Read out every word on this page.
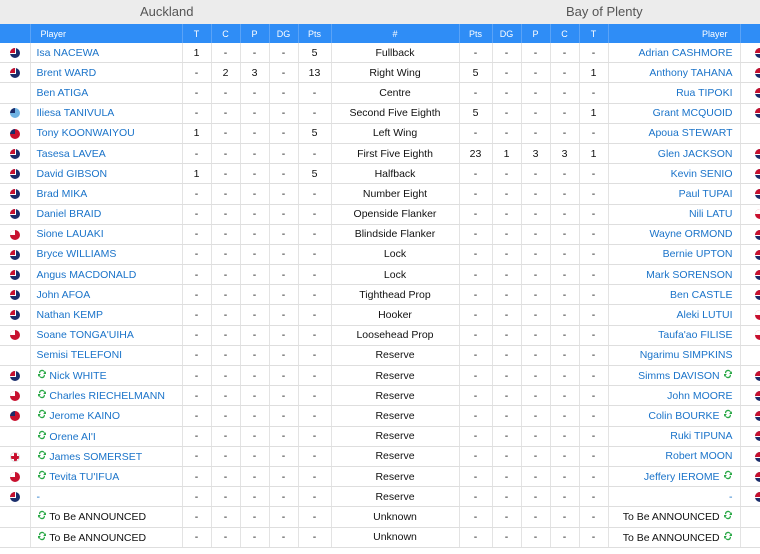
Auckland	Bay of Plenty
	Player	T	C	P	DG	Pts	#	Pts	DG	P	C	T	Player	
	Isa NACEWA	1	-	-	-	5	Fullback	-	-	-	-	-	Adrian CASHMORE	
	Brent WARD	-	2	3	-	13	Right Wing	5	-	-	-	1	Anthony TAHANA	
	Ben ATIGA	-	-	-	-	-	Centre	-	-	-	-	-	Rua TIPOKI	
	Iliesa TANIVULA	-	-	-	-	-	Second Five Eighth	5	-	-	-	1	Grant MCQUOID	
	Tony KOONWAIYOU	1	-	-	-	5	Left Wing	-	-	-	-	-	Apoua STEWART	
	Tasesa LAVEA	-	-	-	-	-	First Five Eighth	23	1	3	3	1	Glen JACKSON	
	David GIBSON	1	-	-	-	5	Halfback	-	-	-	-	-	Kevin SENIO	
	Brad MIKA	-	-	-	-	-	Number Eight	-	-	-	-	-	Paul TUPAI	
	Daniel BRAID	-	-	-	-	-	Openside Flanker	-	-	-	-	-	Nili LATU	
	Sione LAUAKI	-	-	-	-	-	Blindside Flanker	-	-	-	-	-	Wayne ORMOND	
	Bryce WILLIAMS	-	-	-	-	-	Lock	-	-	-	-	-	Bernie UPTON	
	Angus MACDONALD	-	-	-	-	-	Lock	-	-	-	-	-	Mark SORENSON	
	John AFOA	-	-	-	-	-	Tighthead Prop	-	-	-	-	-	Ben CASTLE	
	Nathan KEMP	-	-	-	-	-	Hooker	-	-	-	-	-	Aleki LUTUI	
	Soane TONGA'UIHA	-	-	-	-	-	Loosehead Prop	-	-	-	-	-	Taufa'ao FILISE	
	Semisi TELEFONI	-	-	-	-	-	Reserve	-	-	-	-	-	Ngarimu SIMPKINS	
	Nick WHITE	-	-	-	-	-	Reserve	-	-	-	-	-	Simms DAVISON	
	Charles RIECHELMANN	-	-	-	-	-	Reserve	-	-	-	-	-	John MOORE	
	Jerome KAINO	-	-	-	-	-	Reserve	-	-	-	-	-	Colin BOURKE	
	Orene AI'I	-	-	-	-	-	Reserve	-	-	-	-	-	Ruki TIPUNA	
	James SOMERSET	-	-	-	-	-	Reserve	-	-	-	-	-	Robert MOON	
	Tevita TU'IFUA	-	-	-	-	-	Reserve	-	-	-	-	-	Jeffery IEROME	
	-	-	-	-	-	-	Reserve	-	-	-	-	-	-	
	To Be ANNOUNCED	-	-	-	-	-	Unknown	-	-	-	-	-	To Be ANNOUNCED	
	To Be ANNOUNCED	-	-	-	-	-	Unknown	-	-	-	-	-	To Be ANNOUNCED	
